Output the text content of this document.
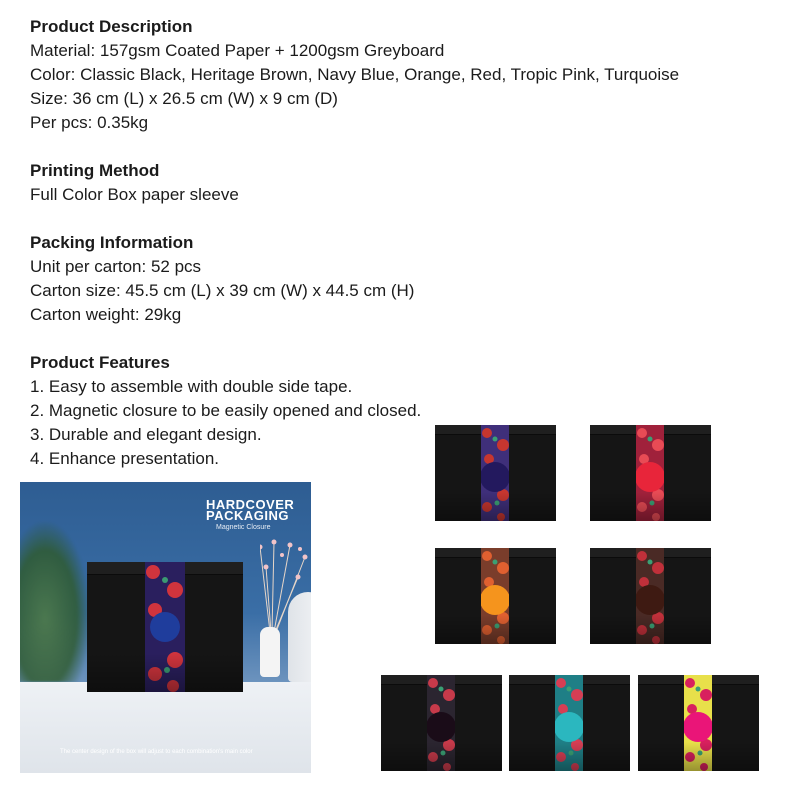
Product Description

Material: 157gsm Coated Paper + 1200gsm Greyboard

Color: Classic Black, Heritage Brown, Navy Blue, Orange, Red, Tropic Pink, Turquoise

Size: 36 cm (L) x 26.5 cm (W) x 9 cm (D)

Per pcs: 0.35kg

Printing Method

Full Color Box paper sleeve

Packing Information

Unit per carton: 52 pcs

Carton size: 45.5 cm (L) x 39 cm (W) x 44.5 cm (H)

Carton weight: 29kg

Product Features

1. Easy to assemble with double side tape.

2. Magnetic closure to be easily opened and closed.

3. Durable and elegant design.

4. Enhance presentation.

HARDCOVER
PACKAGING
Magnetic Closure
The center design of the box will adjust to each combination's main color
